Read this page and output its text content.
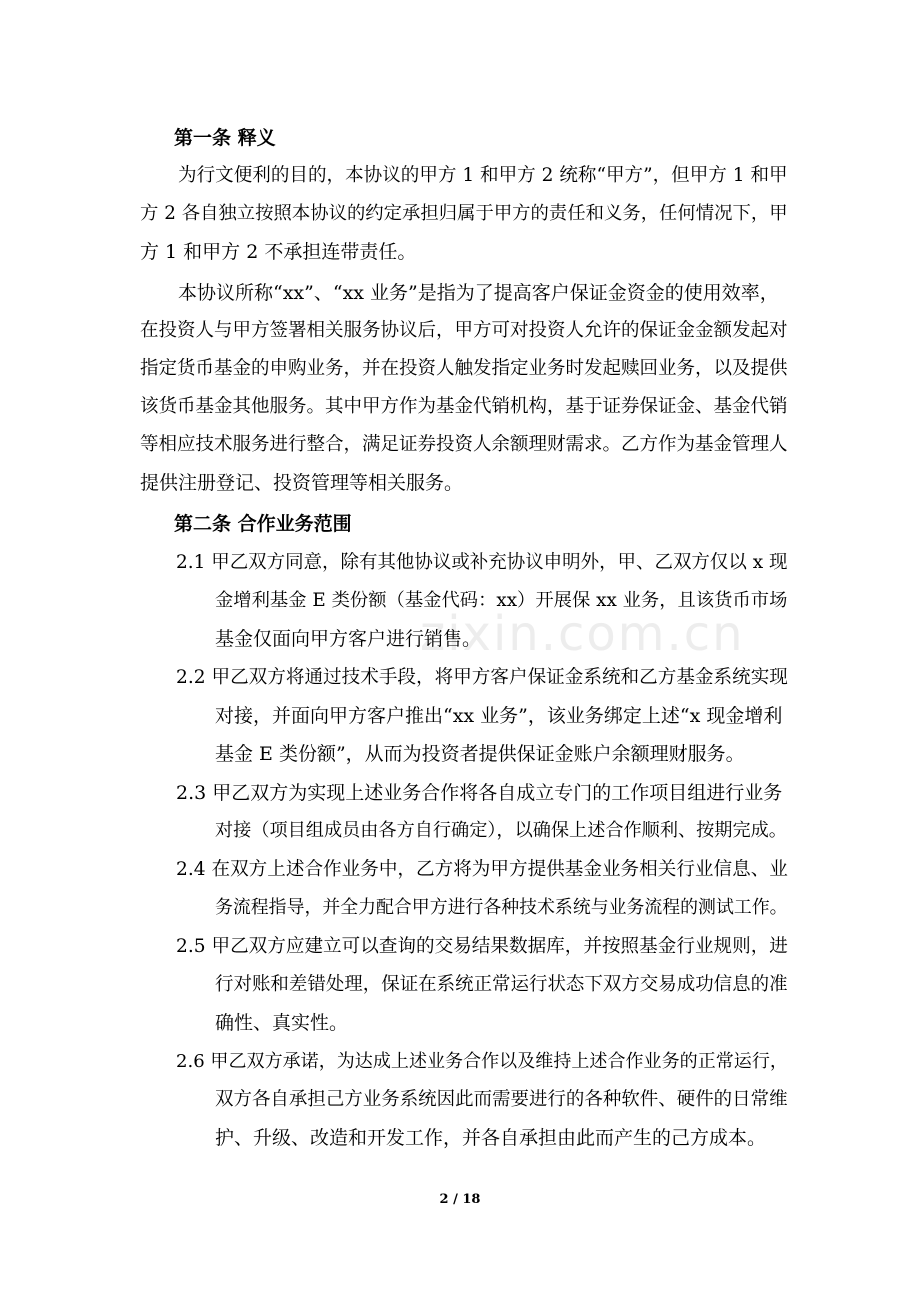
zixin.com.cn
第一条 释义
为行文便利的目的，本协议的甲方 1 和甲方 2 统称“甲方”，但甲方 1 和甲
方 2 各自独立按照本协议的约定承担归属于甲方的责任和义务，任何情况下，甲
方 1 和甲方 2 不承担连带责任。
本协议所称“xx”、“xx 业务”是指为了提高客户保证金资金的使用效率，
在投资人与甲方签署相关服务协议后，甲方可对投资人允许的保证金金额发起对
指定货币基金的申购业务，并在投资人触发指定业务时发起赎回业务，以及提供
该货币基金其他服务。其中甲方作为基金代销机构，基于证券保证金、基金代销
等相应技术服务进行整合，满足证券投资人余额理财需求。乙方作为基金管理人
提供注册登记、投资管理等相关服务。
第二条 合作业务范围
2.1 甲乙双方同意，除有其他协议或补充协议申明外，甲、乙双方仅以 x 现
金增利基金 E 类份额（基金代码：xx）开展保 xx 业务，且该货币市场
基金仅面向甲方客户进行销售。
2.2 甲乙双方将通过技术手段，将甲方客户保证金系统和乙方基金系统实现
对接，并面向甲方客户推出“xx 业务”，该业务绑定上述“x 现金增利
基金 E 类份额”，从而为投资者提供保证金账户余额理财服务。
2.3 甲乙双方为实现上述业务合作将各自成立专门的工作项目组进行业务
对接（项目组成员由各方自行确定），以确保上述合作顺利、按期完成。
2.4 在双方上述合作业务中，乙方将为甲方提供基金业务相关行业信息、业
务流程指导，并全力配合甲方进行各种技术系统与业务流程的测试工作。
2.5 甲乙双方应建立可以查询的交易结果数据库，并按照基金行业规则，进
行对账和差错处理，保证在系统正常运行状态下双方交易成功信息的准
确性、真实性。
2.6 甲乙双方承诺，为达成上述业务合作以及维持上述合作业务的正常运行，
双方各自承担己方业务系统因此而需要进行的各种软件、硬件的日常维
护、升级、改造和开发工作，并各自承担由此而产生的己方成本。
2 / 18
